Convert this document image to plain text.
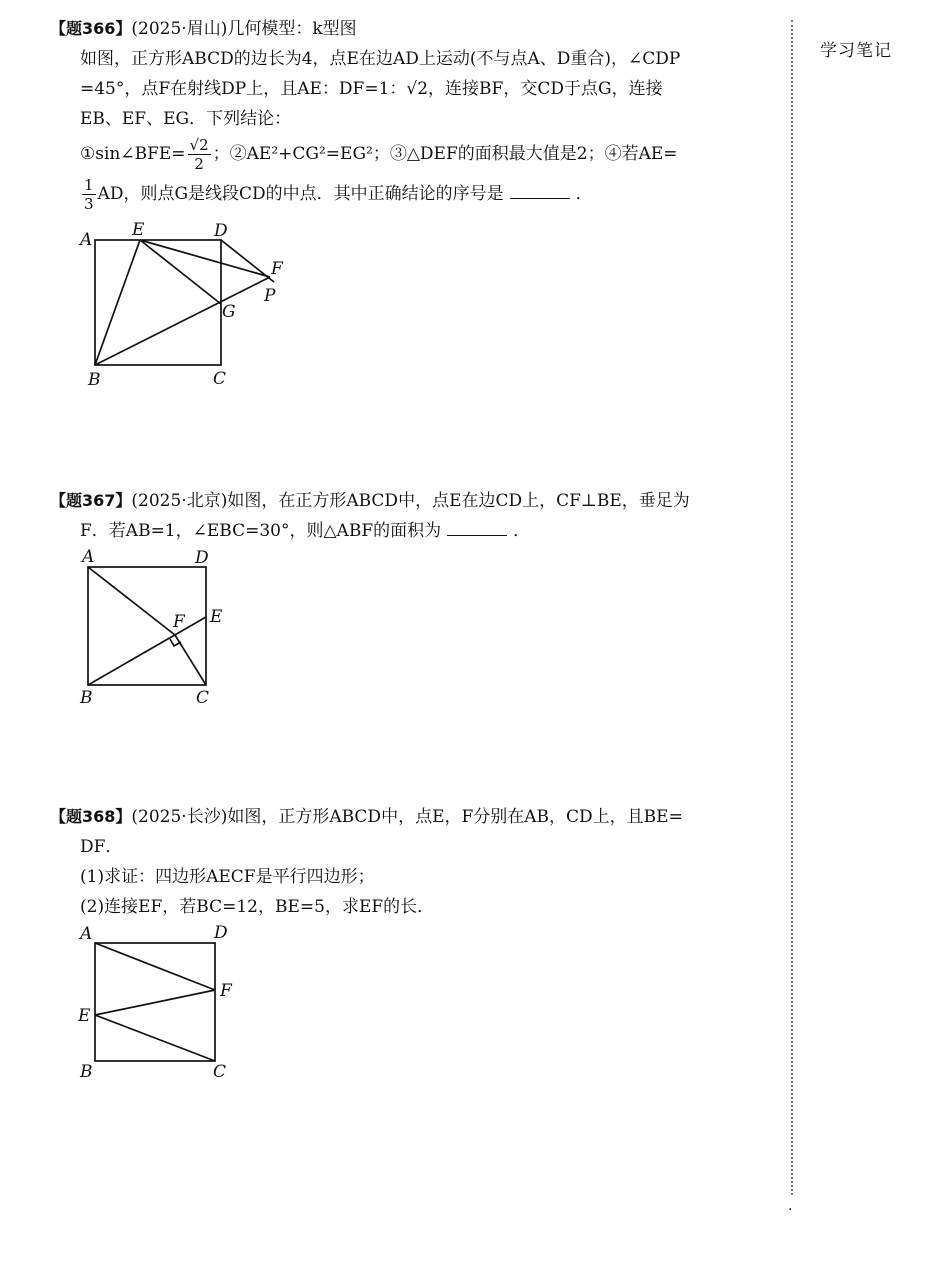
学习笔记
·

【题366】(2025·眉山)几何模型：k型图

如图，正方形ABCD的边长为4，点E在边AD上运动(不与点A、D重合)，∠CDP

=45°，点F在射线DP上，且AE：DF=1：√2，连接BF，交CD于点G，连接

EB、EF、EG．下列结论：

①sin∠BFE= $\frac{√2}{2}$ ；②AE²+CG²=EG²；③△DEF的面积最大值是2；④若AE=

$\frac{1}{3}$ AD，则点G是线段CD的中点．其中正确结论的序号是	．

A E	D
F
P
G
B	C

【题367】(2025·北京)如图，在正方形ABCD中，点E在边CD上，CF⊥BE，垂足为

F．若AB=1，∠EBC=30°，则△ABF的面积为	．

A	D
F E
B	C

【题368】(2025·长沙)如图，正方形ABCD中，点E，F分别在AB，CD上，且BE=

DF．

(1)求证：四边形AECF是平行四边形；

(2)连接EF，若BC=12，BE=5，求EF的长．

A	D
F
E
B	C
